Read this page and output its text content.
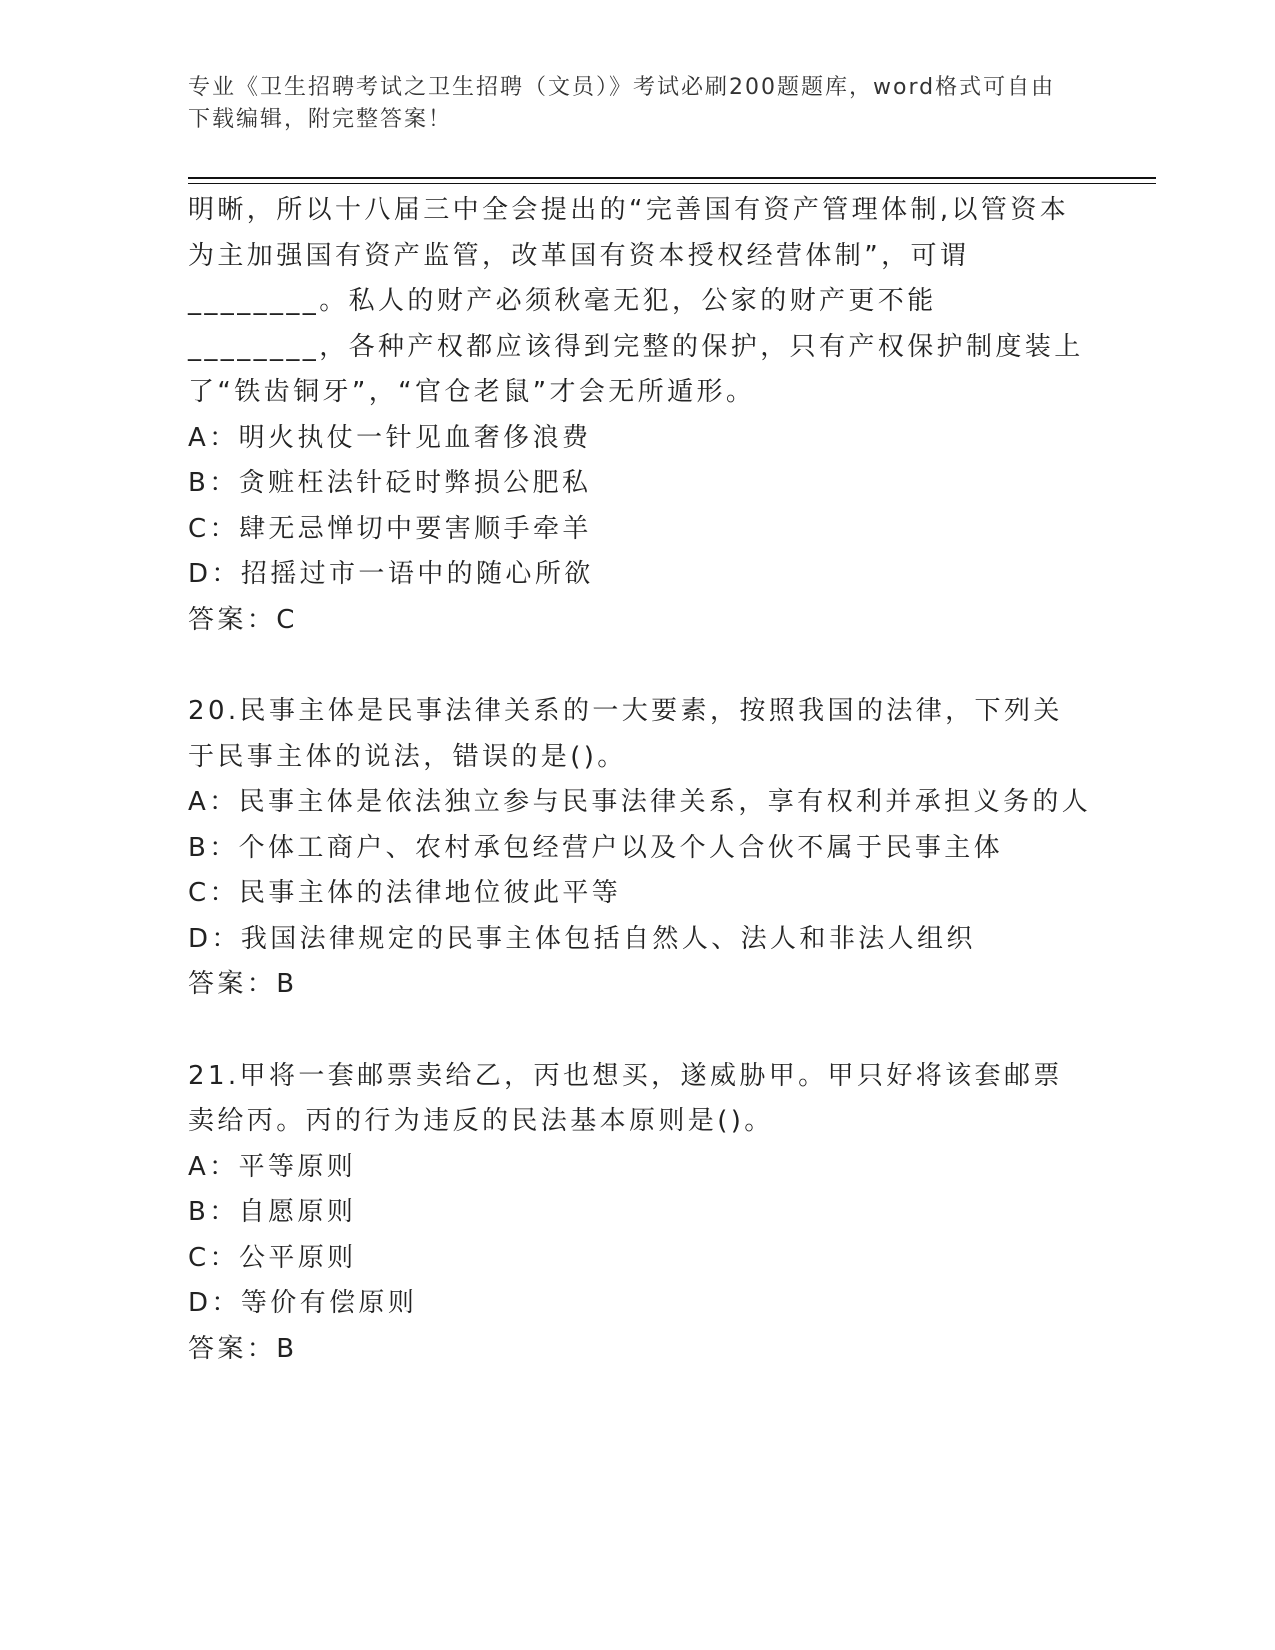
专业《卫生招聘考试之卫生招聘（文员）》考试必刷200题题库，word格式可自由下载编辑，附完整答案！

明晰，所以十八届三中全会提出的“完善国有资产管理体制,以管资本为主加强国有资产监管，改革国有资本授权经营体制”，可谓________。私人的财产必须秋毫无犯，公家的财产更不能________，各种产权都应该得到完整的保护，只有产权保护制度装上了“铁齿铜牙”，“官仓老鼠”才会无所遁形。

A：明火执仗一针见血奢侈浪费

B：贪赃枉法针砭时弊损公肥私

C：肆无忌惮切中要害顺手牵羊

D：招摇过市一语中的随心所欲

答案：C

20.民事主体是民事法律关系的一大要素，按照我国的法律，下列关于民事主体的说法，错误的是()。

A：民事主体是依法独立参与民事法律关系，享有权利并承担义务的人

B：个体工商户、农村承包经营户以及个人合伙不属于民事主体

C：民事主体的法律地位彼此平等

D：我国法律规定的民事主体包括自然人、法人和非法人组织

答案：B

21.甲将一套邮票卖给乙，丙也想买，遂威胁甲。甲只好将该套邮票卖给丙。丙的行为违反的民法基本原则是()。

A：平等原则

B：自愿原则

C：公平原则

D：等价有偿原则

答案：B
